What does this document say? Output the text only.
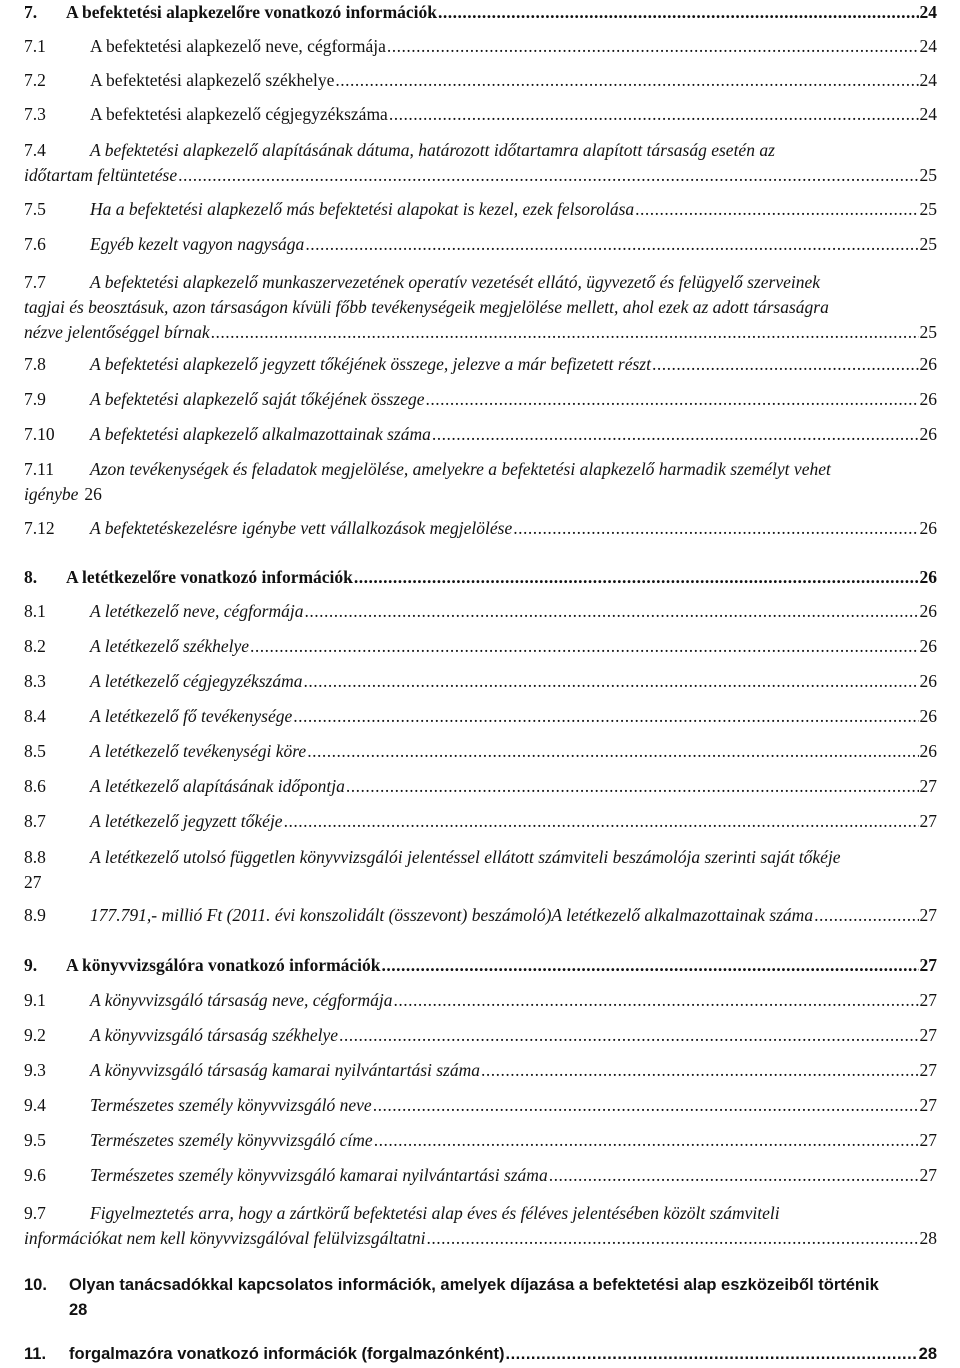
7.	A befektetési alapkezelőre vonatkozó információk .....	24
7.1	A befektetési alapkezelő neve, cégformája .....	24
7.2	A befektetési alapkezelő székhelye .....	24
7.3	A befektetési alapkezelő cégjegyzékszáma .....	24
7.4	A befektetési alapkezelő alapításának dátuma, határozott időtartamra alapított társaság esetén az
időtartam feltüntetése .....	25
7.5	Ha a befektetési alapkezelő más befektetési alapokat is kezel, ezek felsorolása .....	25
7.6	Egyéb kezelt vagyon nagysága .....	25
7.7	A befektetési alapkezelő munkaszervezetének operatív vezetését ellátó, ügyvezető és felügyelő szerveinek
tagjai és beosztásuk, azon társaságon kívüli főbb tevékenységeik megjelölése mellett, ahol ezek az adott társaságra
nézve jelentőséggel bírnak .....	25
7.8	A befektetési alapkezelő jegyzett tőkéjének összege, jelezve a már befizetett részt .....	26
7.9	A befektetési alapkezelő saját tőkéjének összege .....	26
7.10	A befektetési alapkezelő alkalmazottainak száma .....	26
7.11	Azon tevékenységek és feladatok megjelölése, amelyekre a befektetési alapkezelő harmadik személyt vehet
igénybe 26
7.12	A befektetéskezelésre igénybe vett vállalkozások megjelölése .....	26
8.	A letétkezelőre vonatkozó információk .....	26
8.1	A letétkezelő neve, cégformája .....	26
8.2	A letétkezelő székhelye .....	26
8.3	A letétkezelő cégjegyzékszáma .....	26
8.4	A letétkezelő fő tevékenysége .....	26
8.5	A letétkezelő tevékenységi köre .....	26
8.6	A letétkezelő alapításának időpontja .....	27
8.7	A letétkezelő jegyzett tőkéje .....	27
8.8	A letétkezelő utolsó független könyvvizsgálói jelentéssel ellátott számviteli beszámolója szerinti saját tőkéje
27
8.9	177.791,- millió Ft (2011. évi konszolidált (összevont) beszámoló)A letétkezelő alkalmazottainak száma .....	27
9.	A könyvvizsgálóra vonatkozó információk .....	27
9.1	A könyvvizsgáló társaság neve, cégformája .....	27
9.2	A könyvvizsgáló társaság székhelye .....	27
9.3	A könyvvizsgáló társaság kamarai nyilvántartási száma .....	27
9.4	Természetes személy könyvvizsgáló neve .....	27
9.5	Természetes személy könyvvizsgáló címe .....	27
9.6	Természetes személy könyvvizsgáló kamarai nyilvántartási száma .....	27
9.7	Figyelmeztetés arra, hogy a zártkörű befektetési alap éves és féléves jelentésében közölt számviteli
információkat nem kell könyvvizsgálóval felülvizsgáltatni .....	28
10.	Olyan tanácsadókkal kapcsolatos információk, amelyek díjazása a befektetési alap eszközeiből történik
28
11.	forgalmazóra vonatkozó információk (forgalmazónként) .....	28
